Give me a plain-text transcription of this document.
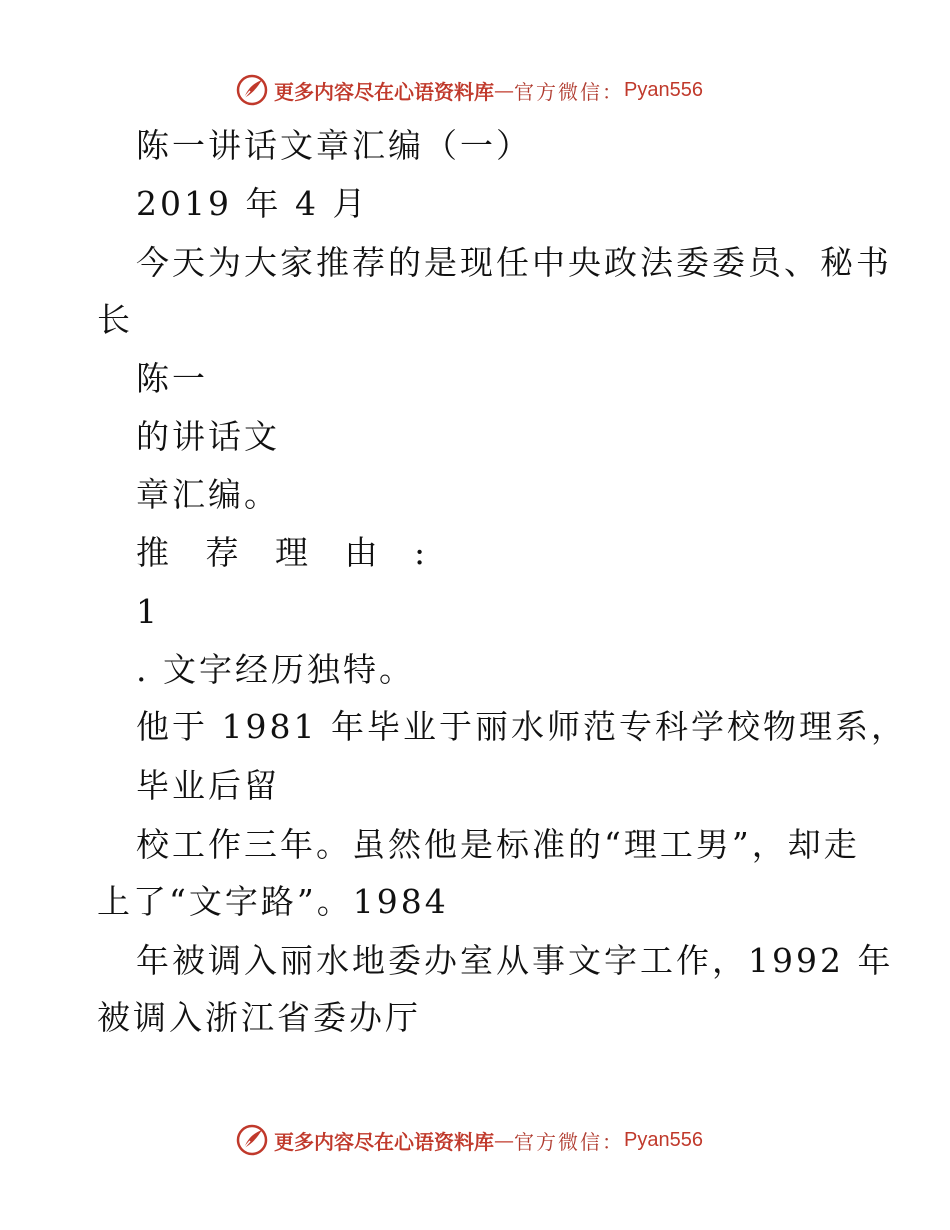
更多内容尽在心语资料库 — 官方微信： Pyan556
陈一讲话文章汇编（一）
2019 年 4 月
今天为大家推荐的是现任中央政法委委员、秘书
长
陈一
的讲话文
章汇编。
推 荐 理 由 :
1
. 文字经历独特。
他于 1981 年毕业于丽水师范专科学校物理系，
毕业后留
校工作三年。虽然他是标准的“理工男”，却走
上了“文字路”。1984
年被调入丽水地委办室从事文字工作，1992 年
被调入浙江省委办厅
更多内容尽在心语资料库 — 官方微信： Pyan556
